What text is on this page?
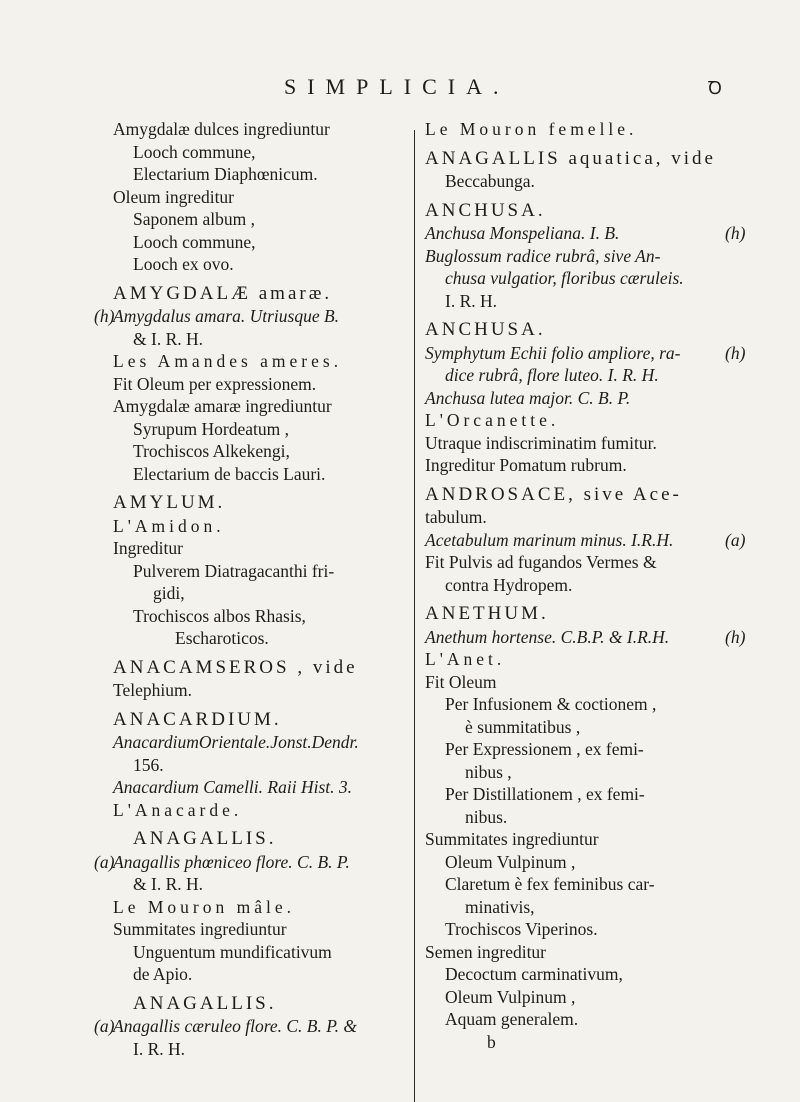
SIMPLICIA.	Ꝺ
Amygdalæ dulces ingrediuntur
Looch commune,
Electarium Diaphœnicum.
Oleum ingreditur
Saponem album ,
Looch commune,
Looch ex ovo.
AMYGDALÆ amaræ.
(h)
Amygdalus amara. Utriusque B.
& I. R. H.
Les Amandes ameres.
Fit Oleum per expressionem.
Amygdalæ amaræ ingrediuntur
Syrupum Hordeatum ,
Trochiscos Alkekengi,
Electarium de baccis Lauri.
AMYLUM.
L'Amidon.
Ingreditur
Pulverem Diatragacanthi fri-
gidi,
Trochiscos albos Rhasis,
Escharoticos.
ANACAMSEROS , vide
Telephium.
ANACARDIUM.
AnacardiumOrientale.Jonst.Dendr.
156.
Anacardium Camelli. Raii Hist. 3.
L'Anacarde.
ANAGALLIS.
(a)
Anagallis phœniceo flore. C. B. P.
& I. R. H.
Le Mouron mâle.
Summitates ingrediuntur
Unguentum mundificativum
de Apio.
ANAGALLIS.
(a)
Anagallis cæruleo flore. C. B. P. &
I. R. H.
Le Mouron femelle.
ANAGALLIS aquatica, vide
Beccabunga.
ANCHUSA.
(h)
Anchusa Monspeliana. I. B.
Buglossum radice rubrâ, sive An-
chusa vulgatior, floribus cæruleis.
I. R. H.
ANCHUSA.
(h)
Symphytum Echii folio ampliore, ra-
dice rubrâ, flore luteo. I. R. H.
Anchusa lutea major. C. B. P.
L'Orcanette.
Utraque indiscriminatim fumitur.
Ingreditur Pomatum rubrum.
ANDROSACE, sive Ace-
tabulum.
(a)
Acetabulum marinum minus. I.R.H.
Fit Pulvis ad fugandos Vermes &
contra Hydropem.
ANETHUM.
(h)
Anethum hortense. C.B.P. & I.R.H.
L'Anet.
Fit Oleum
Per Infusionem & coctionem ,
è summitatibus ,
Per Expressionem , ex femi-
nibus ,
Per Distillationem , ex femi-
nibus.
Summitates ingrediuntur
Oleum Vulpinum ,
Claretum è fex feminibus car-
minativis,
Trochiscos Viperinos.
Semen ingreditur
Decoctum carminativum,
Oleum Vulpinum ,
Aquam generalem.
b
